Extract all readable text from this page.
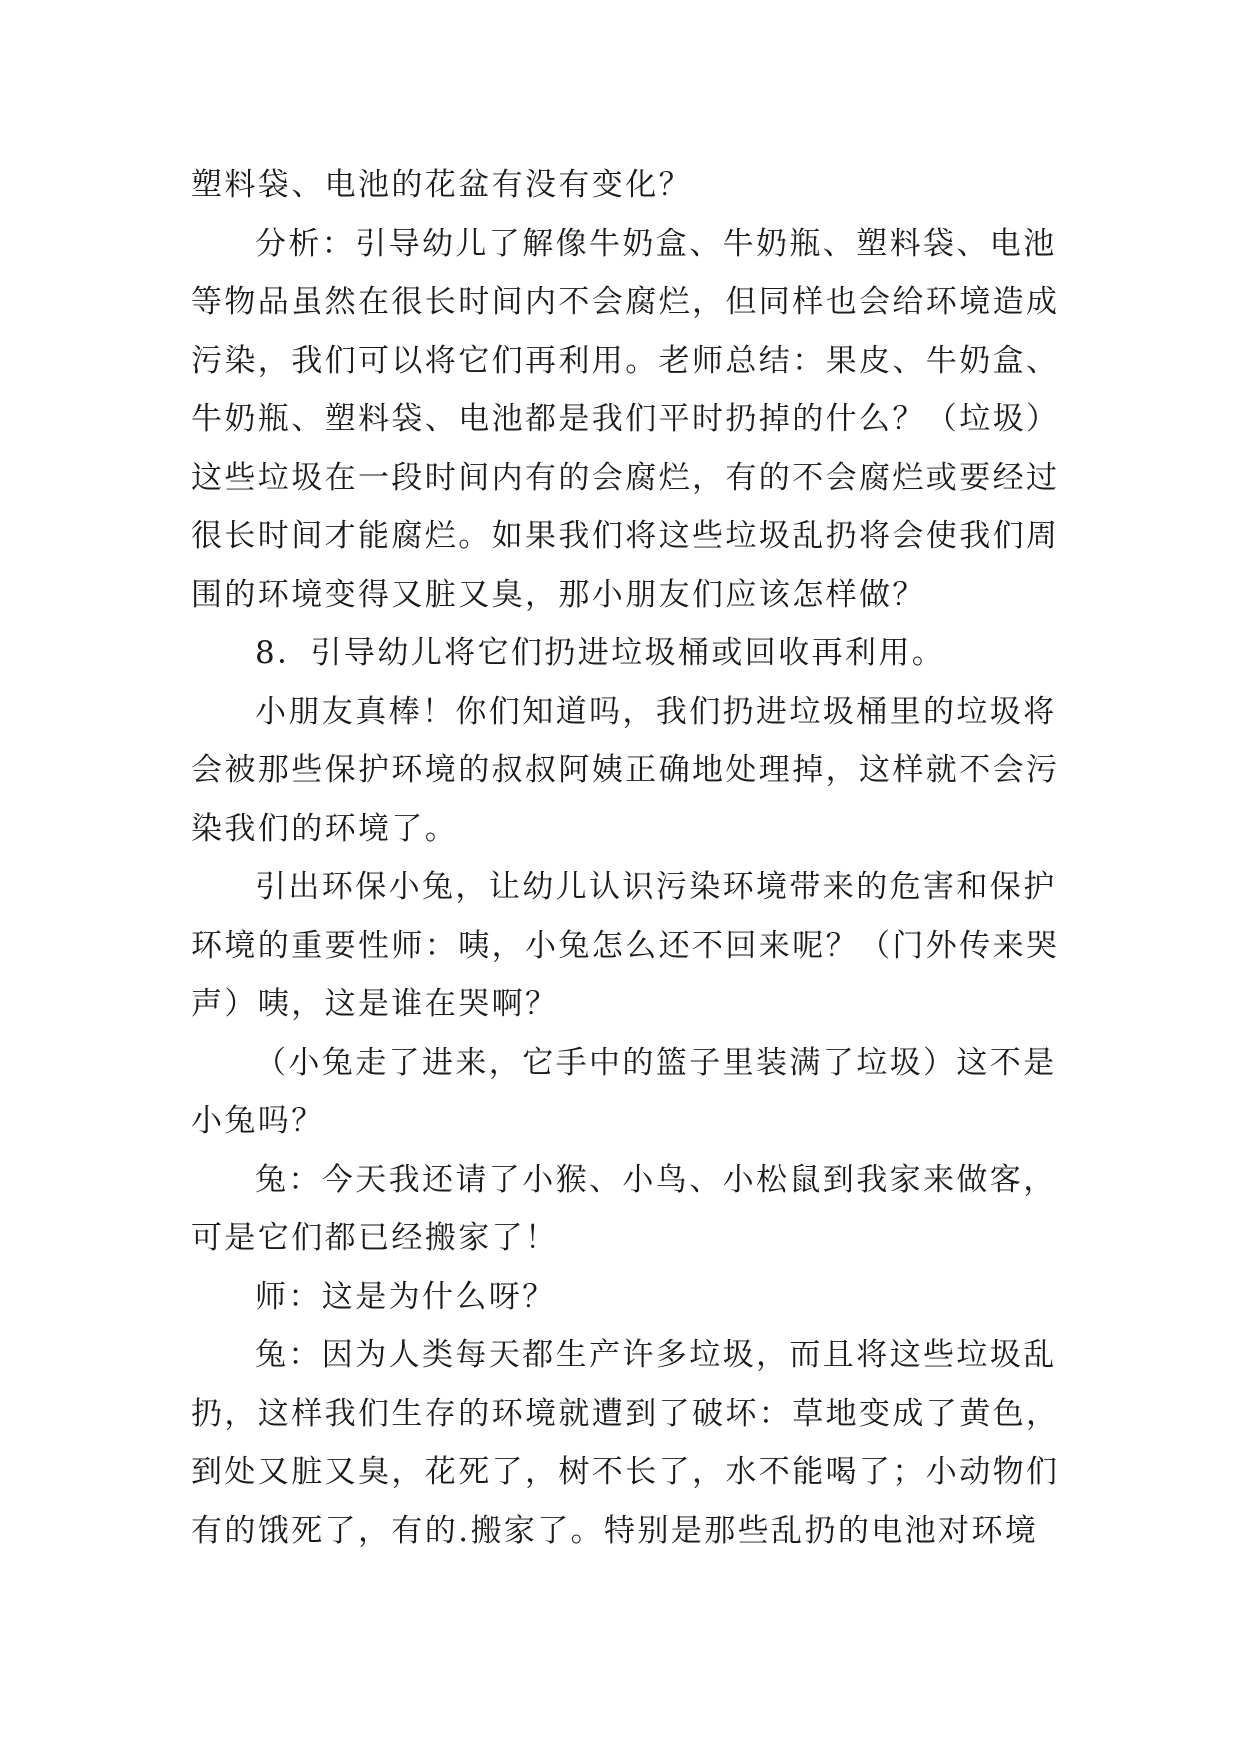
塑料袋、电池的花盆有没有变化？
分析：引导幼儿了解像牛奶盒、牛奶瓶、塑料袋、电池
等物品虽然在很长时间内不会腐烂，但同样也会给环境造成
污染，我们可以将它们再利用。老师总结：果皮、牛奶盒、
牛奶瓶、塑料袋、电池都是我们平时扔掉的什么？（垃圾）
这些垃圾在一段时间内有的会腐烂，有的不会腐烂或要经过
很长时间才能腐烂。如果我们将这些垃圾乱扔将会使我们周
围的环境变得又脏又臭，那小朋友们应该怎样做？
8．引导幼儿将它们扔进垃圾桶或回收再利用。
小朋友真棒！你们知道吗，我们扔进垃圾桶里的垃圾将
会被那些保护环境的叔叔阿姨正确地处理掉，这样就不会污
染我们的环境了。
引出环保小兔，让幼儿认识污染环境带来的危害和保护
环境的重要性师：咦，小兔怎么还不回来呢？（门外传来哭
声）咦，这是谁在哭啊？
（小兔走了进来，它手中的篮子里装满了垃圾）这不是
小兔吗？
兔：今天我还请了小猴、小鸟、小松鼠到我家来做客，
可是它们都已经搬家了！
师：这是为什么呀？
兔：因为人类每天都生产许多垃圾，而且将这些垃圾乱
扔，这样我们生存的环境就遭到了破坏：草地变成了黄色，
到处又脏又臭，花死了，树不长了，水不能喝了；小动物们
有的饿死了，有的.搬家了。特别是那些乱扔的电池对环境
